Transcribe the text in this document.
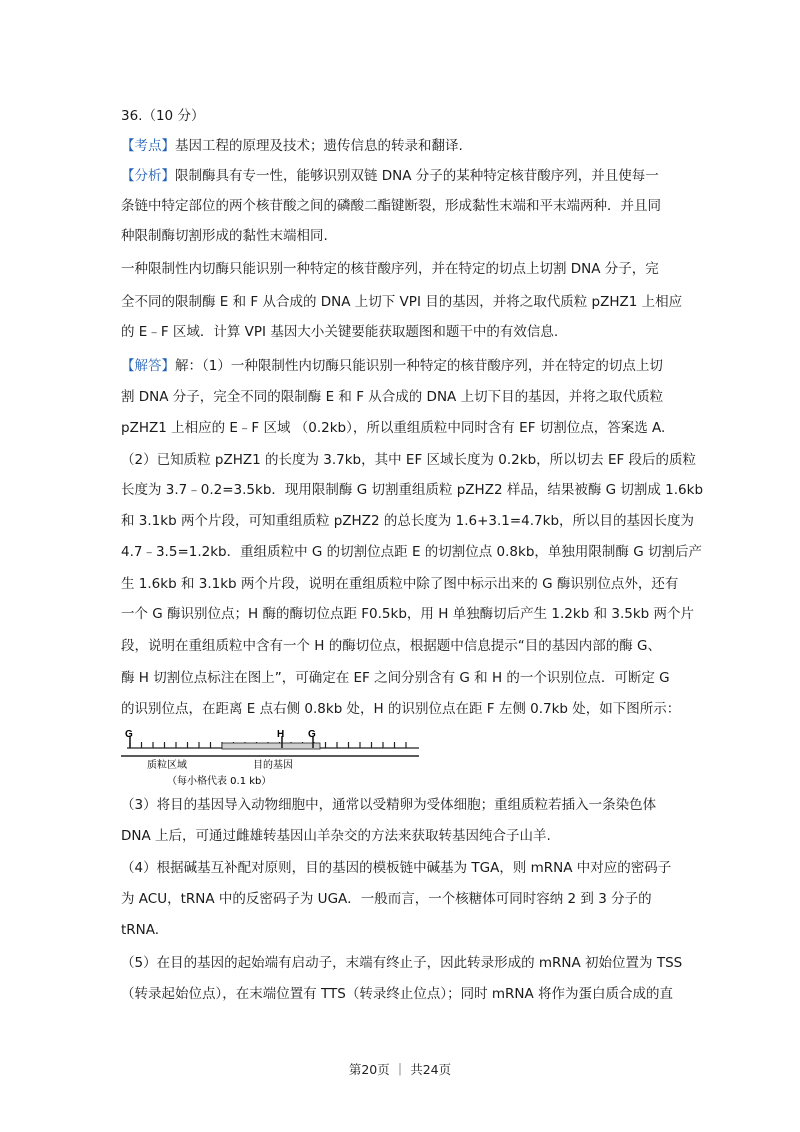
36.（10 分）
【考点】基因工程的原理及技术；遗传信息的转录和翻译.
【分析】限制酶具有专一性，能够识别双链 DNA 分子的某种特定核苷酸序列，并且使每一
条链中特定部位的两个核苷酸之间的磷酸二酯键断裂，形成黏性末端和平末端两种．并且同
种限制酶切割形成的黏性末端相同.
一种限制性内切酶只能识别一种特定的核苷酸序列，并在特定的切点上切割 DNA 分子，完
全不同的限制酶 E 和 F 从合成的 DNA 上切下 VPI 目的基因，并将之取代质粒 pZHZ1 上相应
的 E﹣F 区域．计算 VPI 基因大小关键要能获取题图和题干中的有效信息.
【解答】解：（1）一种限制性内切酶只能识别一种特定的核苷酸序列，并在特定的切点上切
割 DNA 分子，完全不同的限制酶 E 和 F 从合成的 DNA 上切下目的基因，并将之取代质粒
pZHZ1 上相应的 E﹣F 区域 （0.2kb），所以重组质粒中同时含有 EF 切割位点，答案选 A.
（2）已知质粒 pZHZ1 的长度为 3.7kb，其中 EF 区域长度为 0.2kb，所以切去 EF 段后的质粒
长度为 3.7﹣0.2=3.5kb．现用限制酶 G 切割重组质粒 pZHZ2 样品，结果被酶 G 切割成 1.6kb
和 3.1kb 两个片段，可知重组质粒 pZHZ2 的总长度为 1.6+3.1=4.7kb，所以目的基因长度为
4.7﹣3.5=1.2kb．重组质粒中 G 的切割位点距 E 的切割位点 0.8kb，单独用限制酶 G 切割后产
生 1.6kb 和 3.1kb 两个片段，说明在重组质粒中除了图中标示出来的 G 酶识别位点外，还有
一个 G 酶识别位点；H 酶的酶切位点距 F0.5kb，用 H 单独酶切后产生 1.2kb 和 3.5kb 两个片
段，说明在重组质粒中含有一个 H 的酶切位点，根据题中信息提示“目的基因内部的酶 G、
酶 H 切割位点标注在图上”，可确定在 EF 之间分别含有 G 和 H 的一个识别位点．可断定 G
的识别位点，在距离 E 点右侧 0.8kb 处，H 的识别位点在距 F 左侧 0.7kb 处，如下图所示：
G	H G
质粒区域	目的基因
（每小格代表 0.1 kb）
（3）将目的基因导入动物细胞中，通常以受精卵为受体细胞；重组质粒若插入一条染色体
DNA 上后，可通过雌雄转基因山羊杂交的方法来获取转基因纯合子山羊.
（4）根据碱基互补配对原则，目的基因的模板链中碱基为 TGA，则 mRNA 中对应的密码子
为 ACU，tRNA 中的反密码子为 UGA．一般而言，一个核糖体可同时容纳 2 到 3 分子的
tRNA.
（5）在目的基因的起始端有启动子，末端有终止子，因此转录形成的 mRNA 初始位置为 TSS
（转录起始位点），在末端位置有 TTS（转录终止位点）；同时 mRNA 将作为蛋白质合成的直
第20页 ｜ 共24页
